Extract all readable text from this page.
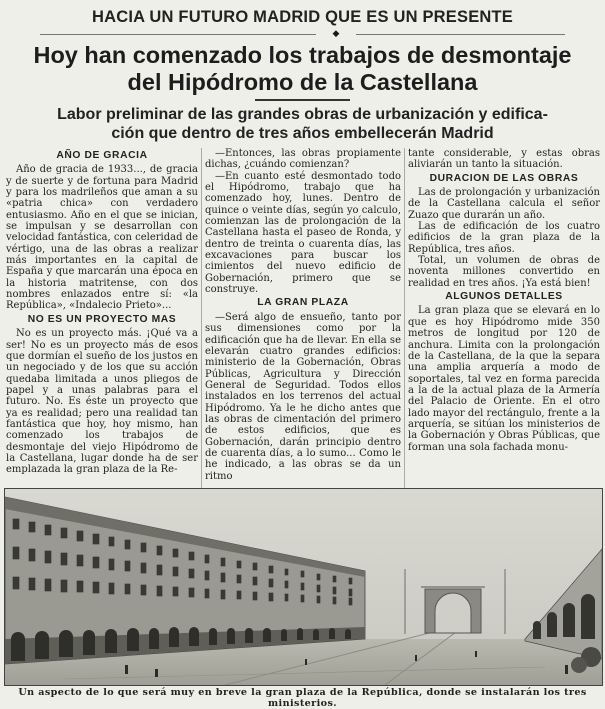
HACIA UN FUTURO MADRID QUE ES UN PRESENTE
◆
Hoy han comenzado los trabajos de desmontaje
del Hipódromo de la Castellana
Labor preliminar de las grandes obras de urbanización y edifica-
ción que dentro de tres años embellecerán Madrid
AÑO DE GRACIA

Año de gracia de 1933..., de gracia y de suerte y de fortuna para Madrid y para los madrileños que aman a su «patria chica» con verdadero entusiasmo. Año en el que se inician, se impulsan y se desarrollan con velocidad fantástica, con celeridad de vértigo, una de las obras a realizar más importantes en la capital de España y que marcarán una época en la historia matritense, con dos nombres enlazados entre sí: «la República», «Indalecio Prieto»...

NO ES UN PROYECTO MAS

No es un proyecto más. ¡Qué va a ser! No es un proyecto más de esos que dormían el sueño de los justos en un negociado y de los que su acción quedaba limitada a unos pliegos de papel y a unas palabras para el futuro. No. Es éste un proyecto que ya es realidad; pero una realidad tan fantástica que hoy, hoy mismo, han comenzado los trabajos de desmontaje del viejo Hipódromo de la Castellana, lugar donde ha de ser emplazada la gran plaza de la Re-

—Entonces, las obras propiamente dichas, ¿cuándo comienzan?

—En cuanto esté desmontado todo el Hipódromo, trabajo que ha comenzado hoy, lunes. Dentro de quince o veinte días, según yo calculo, comienzan las de prolongación de la Castellana hasta el paseo de Ronda, y dentro de treinta o cuarenta días, las excavaciones para buscar los cimientos del nuevo edificio de Gobernación, primero que se construye.

LA GRAN PLAZA

—Será algo de ensueño, tanto por sus dimensiones como por la edificación que ha de llevar. En ella se elevarán cuatro grandes edificios: ministerio de la Gobernación, Obras Públicas, Agricultura y Dirección General de Seguridad. Todos ellos instalados en los terrenos del actual Hipódromo. Ya le he dicho antes que las obras de cimentación del primero de estos edificios, que es Gobernación, darán principio dentro de cuarenta días, a lo sumo... Como le he indicado, a las obras se da un ritmo

tante considerable, y estas obras aliviarán un tanto la situación.

DURACION DE LAS OBRAS

Las de prolongación y urbanización de la Castellana calcula el señor Zuazo que durarán un año.

Las de edificación de los cuatro edificios de la gran plaza de la República, tres años.

Total, un volumen de obras de noventa millones convertido en realidad en tres años. ¡Ya está bien!

ALGUNOS DETALLES

La gran plaza que se elevará en lo que es hoy Hipódromo mide 350 metros de longitud por 120 de anchura. Limita con la prolongación de la Castellana, de la que la separa una amplia arquería a modo de soportales, tal vez en forma parecida a la de la actual plaza de la Armería del Palacio de Oriente. En el otro lado mayor del rectángulo, frente a la arquería, se sitúan los ministerios de la Gobernación y Obras Públicas, que forman una sola fachada monu-

Un aspecto de lo que será muy en breve la gran plaza de la República, donde se instalarán los tres ministerios.
